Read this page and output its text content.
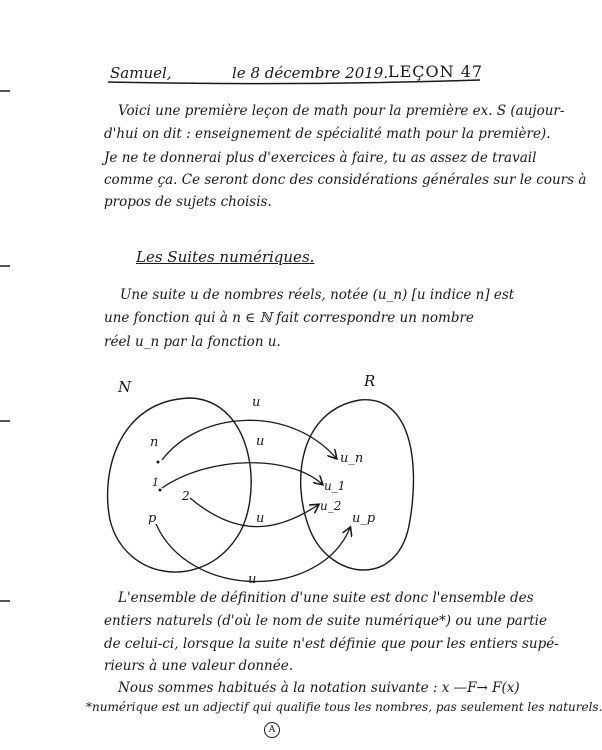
Samuel,	le 8 décembre 2019. LEÇON 47
Voici une première leçon de math pour la première ex. S (aujour-
d'hui on dit : enseignement de spécialité math pour la première).
Je ne te donnerai plus d'exercices à faire, tu as assez de travail
comme ça. Ce seront donc des considérations générales sur le cours à
propos de sujets choisis.
Les Suites numériques.
Une suite u de nombres réels, notée (u_n) [u indice n] est
une fonction qui à n ∈ ℕ fait correspondre un nombre
réel u_n par la fonction u.
N	R
n
1
2
p
u_n
u_1
u_2
u_p
u
u
u
u
L'ensemble de définition d'une suite est donc l'ensemble des
entiers naturels (d'où le nom de suite numérique*) ou une partie
de celui-ci, lorsque la suite n'est définie que pour les entiers supé-
rieurs à une valeur donnée.
Nous sommes habitués à la notation suivante : x —F→ F(x)
*numérique est un adjectif qui qualifie tous les nombres, pas seulement les naturels.
A
